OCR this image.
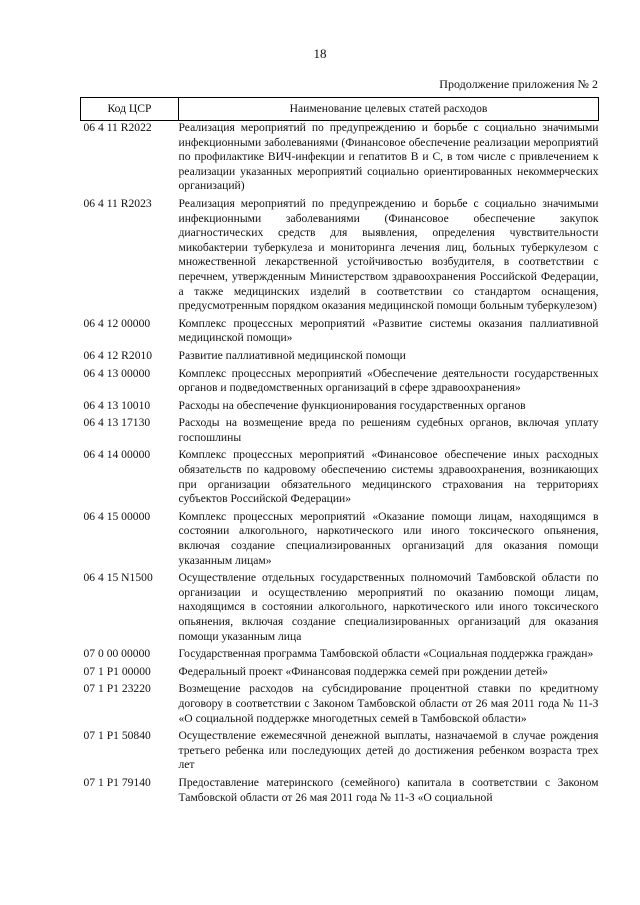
18
Продолжение приложения № 2
Код ЦСР	Наименование целевых статей расходов
06 4 11 R2022	Реализация мероприятий по предупреждению и борьбе с социально значимыми инфекционными заболеваниями (Финансовое обеспечение реализации мероприятий по профилактике ВИЧ-инфекции и гепатитов В и С, в том числе с привлечением к реализации указанных мероприятий социально ориентированных некоммерческих организаций)
06 4 11 R2023	Реализация мероприятий по предупреждению и борьбе с социально значимыми инфекционными заболеваниями (Финансовое обеспечение закупок диагностических средств для выявления, определения чувствительности микобактерии туберкулеза и мониторинга лечения лиц, больных туберкулезом с множественной лекарственной устойчивостью возбудителя, в соответствии с перечнем, утвержденным Министерством здравоохранения Российской Федерации, а также медицинских изделий в соответствии со стандартом оснащения, предусмотренным порядком оказания медицинской помощи больным туберкулезом)
06 4 12 00000	Комплекс процессных мероприятий «Развитие системы оказания паллиативной медицинской помощи»
06 4 12 R2010	Развитие паллиативной медицинской помощи
06 4 13 00000	Комплекс процессных мероприятий «Обеспечение деятельности государственных органов и подведомственных организаций в сфере здравоохранения»
06 4 13 10010	Расходы на обеспечение функционирования государственных органов
06 4 13 17130	Расходы на возмещение вреда по решениям судебных органов, включая уплату госпошлины
06 4 14 00000	Комплекс процессных мероприятий «Финансовое обеспечение иных расходных обязательств по кадровому обеспечению системы здравоохранения, возникающих при организации обязательного медицинского страхования на территориях субъектов Российской Федерации»
06 4 15 00000	Комплекс процессных мероприятий «Оказание помощи лицам, находящимся в состоянии алкогольного, наркотического или иного токсического опьянения, включая создание специализированных организаций для оказания помощи указанным лицам»
06 4 15 N1500	Осуществление отдельных государственных полномочий Тамбовской области по организации и осуществлению мероприятий по оказанию помощи лицам, находящимся в состоянии алкогольного, наркотического или иного токсического опьянения, включая создание специализированных организаций для оказания помощи указанным лица
07 0 00 00000	Государственная программа Тамбовской области «Социальная поддержка граждан»
07 1 P1 00000	Федеральный проект «Финансовая поддержка семей при рождении детей»
07 1 P1 23220	Возмещение расходов на субсидирование процентной ставки по кредитному договору в соответствии с Законом Тамбовской области от 26 мая 2011 года № 11-З «О социальной поддержке многодетных семей в Тамбовской области»
07 1 P1 50840	Осуществление ежемесячной денежной выплаты, назначаемой в случае рождения третьего ребенка или последующих детей до достижения ребенком возраста трех лет
07 1 P1 79140	Предоставление материнского (семейного) капитала в соответствии с Законом Тамбовской области от 26 мая 2011 года № 11-З «О социальной
